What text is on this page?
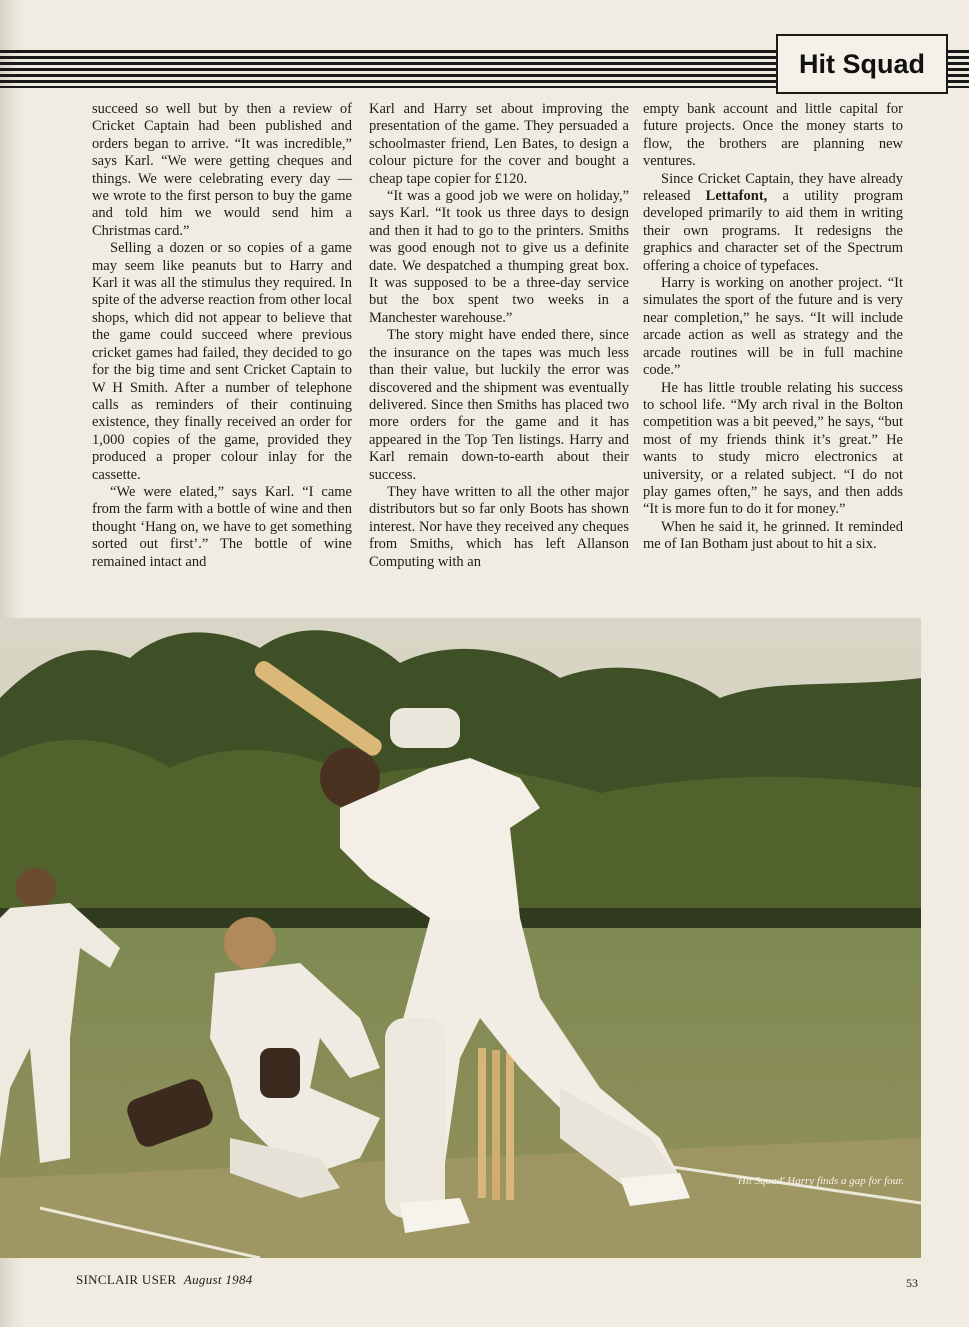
Hit Squad

succeed so well but by then a review of Cricket Captain had been published and orders began to arrive. “It was incredible,” says Karl. “We were getting cheques and things. We were celebrating every day — we wrote to the first person to buy the game and told him we would send him a Christmas card.”

Selling a dozen or so copies of a game may seem like peanuts but to Harry and Karl it was all the stimulus they required. In spite of the adverse reaction from other local shops, which did not appear to believe that the game could succeed where previous cricket games had failed, they decided to go for the big time and sent Cricket Captain to W H Smith. After a number of telephone calls as reminders of their continuing existence, they finally received an order for 1,000 copies of the game, provided they produced a proper colour inlay for the cassette.

“We were elated,” says Karl. “I came from the farm with a bottle of wine and then thought ‘Hang on, we have to get something sorted out first’.” The bottle of wine remained intact and

Karl and Harry set about improving the presentation of the game. They persuaded a schoolmaster friend, Len Bates, to design a colour picture for the cover and bought a cheap tape copier for £120.

“It was a good job we were on holiday,” says Karl. “It took us three days to design and then it had to go to the printers. Smiths was good enough not to give us a definite date. We despatched a thumping great box. It was supposed to be a three-day service but the box spent two weeks in a Manchester warehouse.”

The story might have ended there, since the insurance on the tapes was much less than their value, but luckily the error was discovered and the shipment was eventually delivered. Since then Smiths has placed two more orders for the game and it has appeared in the Top Ten listings. Harry and Karl remain down-to-earth about their success.

They have written to all the other major distributors but so far only Boots has shown interest. Nor have they received any cheques from Smiths, which has left Allanson Computing with an

empty bank account and little capital for future projects. Once the money starts to flow, the brothers are planning new ventures.

Since Cricket Captain, they have already released Lettafont, a utility program developed primarily to aid them in writing their own programs. It redesigns the graphics and character set of the Spectrum offering a choice of typefaces.

Harry is working on another project. “It simulates the sport of the future and is very near completion,” he says. “It will include arcade action as well as strategy and the arcade routines will be in full machine code.”

He has little trouble relating his success to school life. “My arch rival in the Bolton competition was a bit peeved,” he says, “but most of my friends think it’s great.” He wants to study micro electronics at university, or a related subject. “I do not play games often,” he says, and then adds “It is more fun to do it for money.”

When he said it, he grinned. It reminded me of Ian Botham just about to hit a six.

'Hit Squad' Harry finds a gap for four.
SINCLAIR USER August 1984	53
